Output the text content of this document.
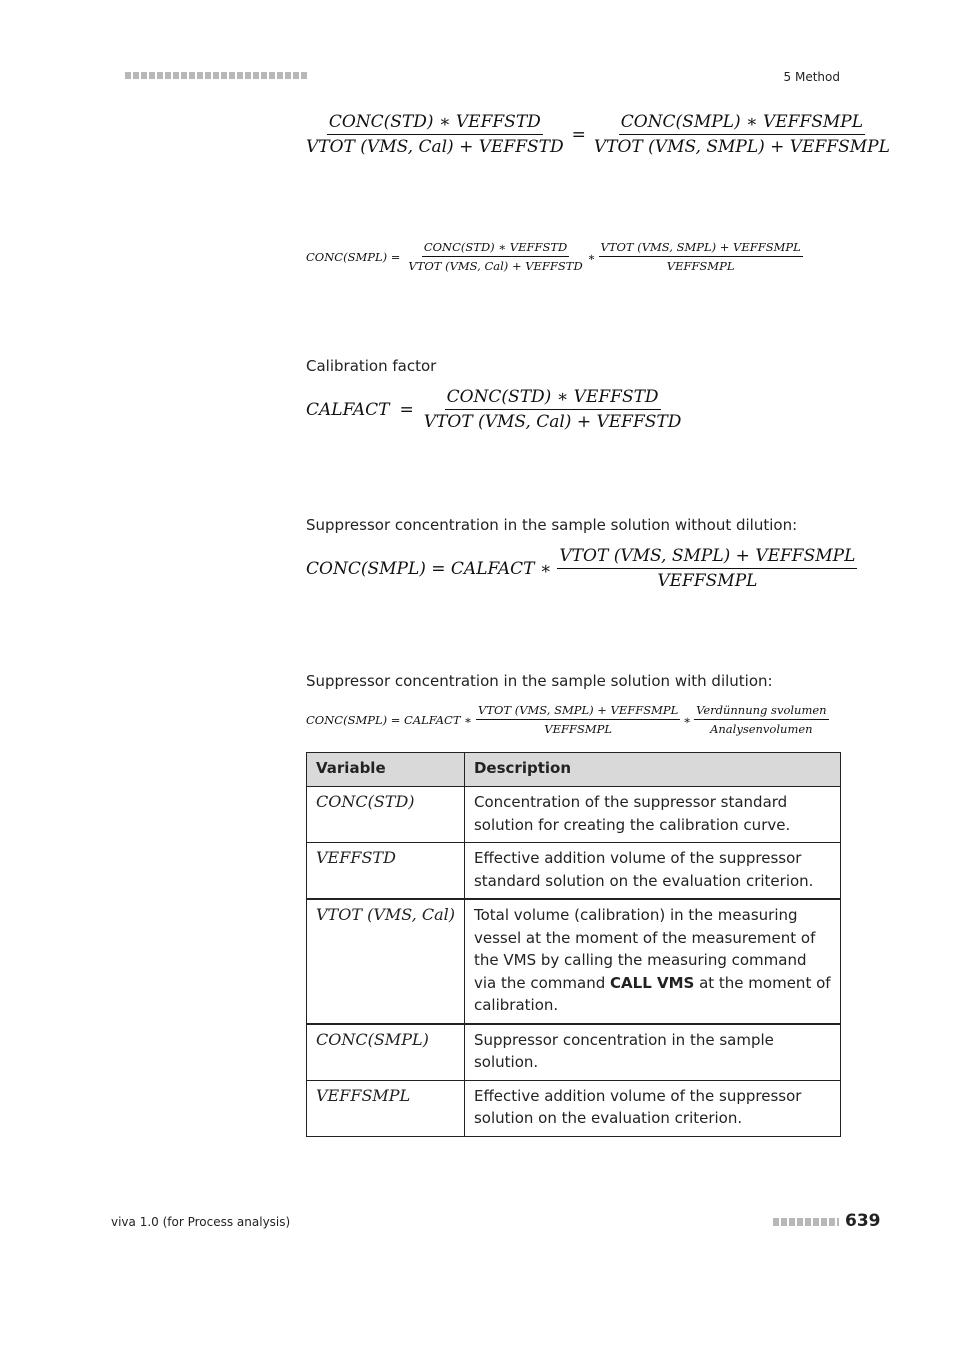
5 Method
$\frac{\text{CONC(STD) ∗ VEFFSTD}}{\text{VTOT (VMS, Cal) + VEFFSTD}} = \frac{\text{CONC(SMPL) ∗ VEFFSMPL}}{\text{VTOT (VMS, SMPL) + VEFFSMPL}}$
CONC(SMPL) = $\frac{\text{CONC(STD) ∗ VEFFSTD}}{\text{VTOT (VMS, Cal) + VEFFSTD}}$ ∗ $\frac{\text{VTOT (VMS, SMPL) + VEFFSMPL}}{\text{VEFFSMPL}}$
Calibration factor
CALFACT = $\frac{\text{CONC(STD) ∗ VEFFSTD}}{\text{VTOT (VMS, Cal) + VEFFSTD}}$
Suppressor concentration in the sample solution without dilution:
CONC(SMPL) = CALFACT ∗ $\frac{\text{VTOT (VMS, SMPL) + VEFFSMPL}}{\text{VEFFSMPL}}$
Suppressor concentration in the sample solution with dilution:
CONC(SMPL) = CALFACT ∗ $\frac{\text{VTOT (VMS, SMPL) + VEFFSMPL}}{\text{VEFFSMPL}}$ ∗ $\frac{\text{Verdünnung svolumen}}{\text{Analysenvolumen}}$
Variable	Description
CONC(STD)	Concentration of the suppressor standard solution for creating the calibration curve.
VEFFSTD	Effective addition volume of the suppressor standard solution on the evaluation criterion.
VTOT (VMS, Cal)	Total volume (calibration) in the measuring vessel at the moment of the measurement of the VMS by calling the measuring command via the command CALL VMS at the moment of calibration.
CONC(SMPL)	Suppressor concentration in the sample solution.
VEFFSMPL	Effective addition volume of the suppressor solution on the evaluation criterion.
viva 1.0 (for Process analysis)	639
